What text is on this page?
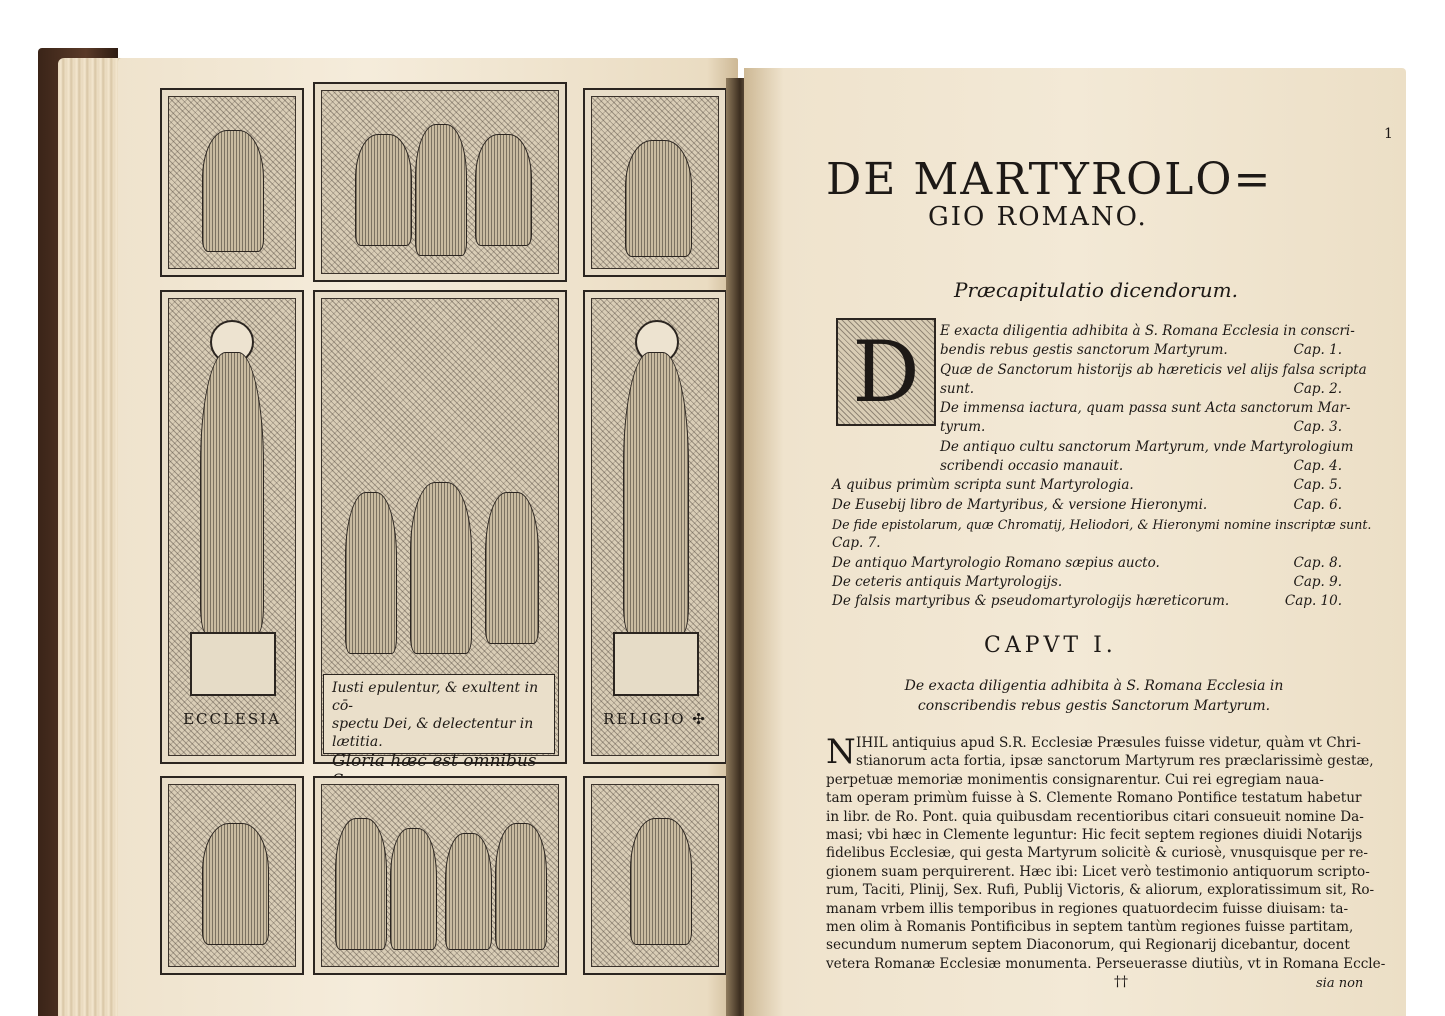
ECCLESIA
Iusti epulentur, & exultent in cō-
spectu Dei, & delectentur in lætitia.
Gloria hæc est omnibus
RELIGIO ✣
1
DE MARTYROLO=
GIO ROMANO.
Præcapitulatio dicendorum.
D	E exacta diligentia adhibita à S. Romana Ecclesia in conscri-
bendis rebus gestis sanctorum Martyrum.	Cap. 1.
Quæ de Sanctorum historijs ab hæreticis vel alijs falsa scripta
sunt.	Cap. 2.
De immensa iactura, quam passa sunt Acta sanctorum Mar-
tyrum.	Cap. 3.
De antiquo cultu sanctorum Martyrum, vnde Martyrologium
scribendi occasio manauit.	Cap. 4.
A quibus primùm scripta sunt Martyrologia.	Cap. 5.
De Eusebij libro de Martyribus, & versione Hieronymi.	Cap. 6.
De fide epistolarum, quæ Chromatij, Heliodori, & Hieronymi nomine inscriptæ sunt.
Cap. 7.
De antiquo Martyrologio Romano sæpius aucto.	Cap. 8.
De ceteris antiquis Martyrologijs.	Cap. 9.
De falsis martyribus & pseudomartyrologijs hæreticorum.	Cap. 10.
CAPVT I.
De exacta diligentia adhibita à S. Romana Ecclesia in conscribendis rebus gestis Sanctorum Martyrum.
N IHIL antiquius apud S.R. Ecclesiæ Præsules fuisse videtur, quàm vt Chri-
stianorum acta fortia, ipsæ sanctorum Martyrum res præclarissimè gestæ,
perpetuæ memoriæ monimentis consignarentur. Cui rei egregiam naua-
tam operam primùm fuisse à S. Clemente Romano Pontifice testatum habetur
in libr. de Ro. Pont. quia quibusdam recentioribus citari consueuit nomine Da-
masi; vbi hæc in Clemente leguntur: Hic fecit septem regiones diuidi Notarijs
fidelibus Ecclesiæ, qui gesta Martyrum solicitè & curiosè, vnusquisque per re-
gionem suam perquirerent. Hæc ibi: Licet verò testimonio antiquorum scripto-
rum, Taciti, Plinij, Sex. Rufi, Publij Victoris, & aliorum, exploratissimum sit, Ro-
manam vrbem illis temporibus in regiones quatuordecim fuisse diuisam: ta-
men olim à Romanis Pontificibus in septem tantùm regiones fuisse partitam,
secundum numerum septem Diaconorum, qui Regionarij dicebantur, docent
vetera Romanæ Ecclesiæ monumenta. Perseuerasse diutiùs, vt in Romana Eccle-
††	sia non
